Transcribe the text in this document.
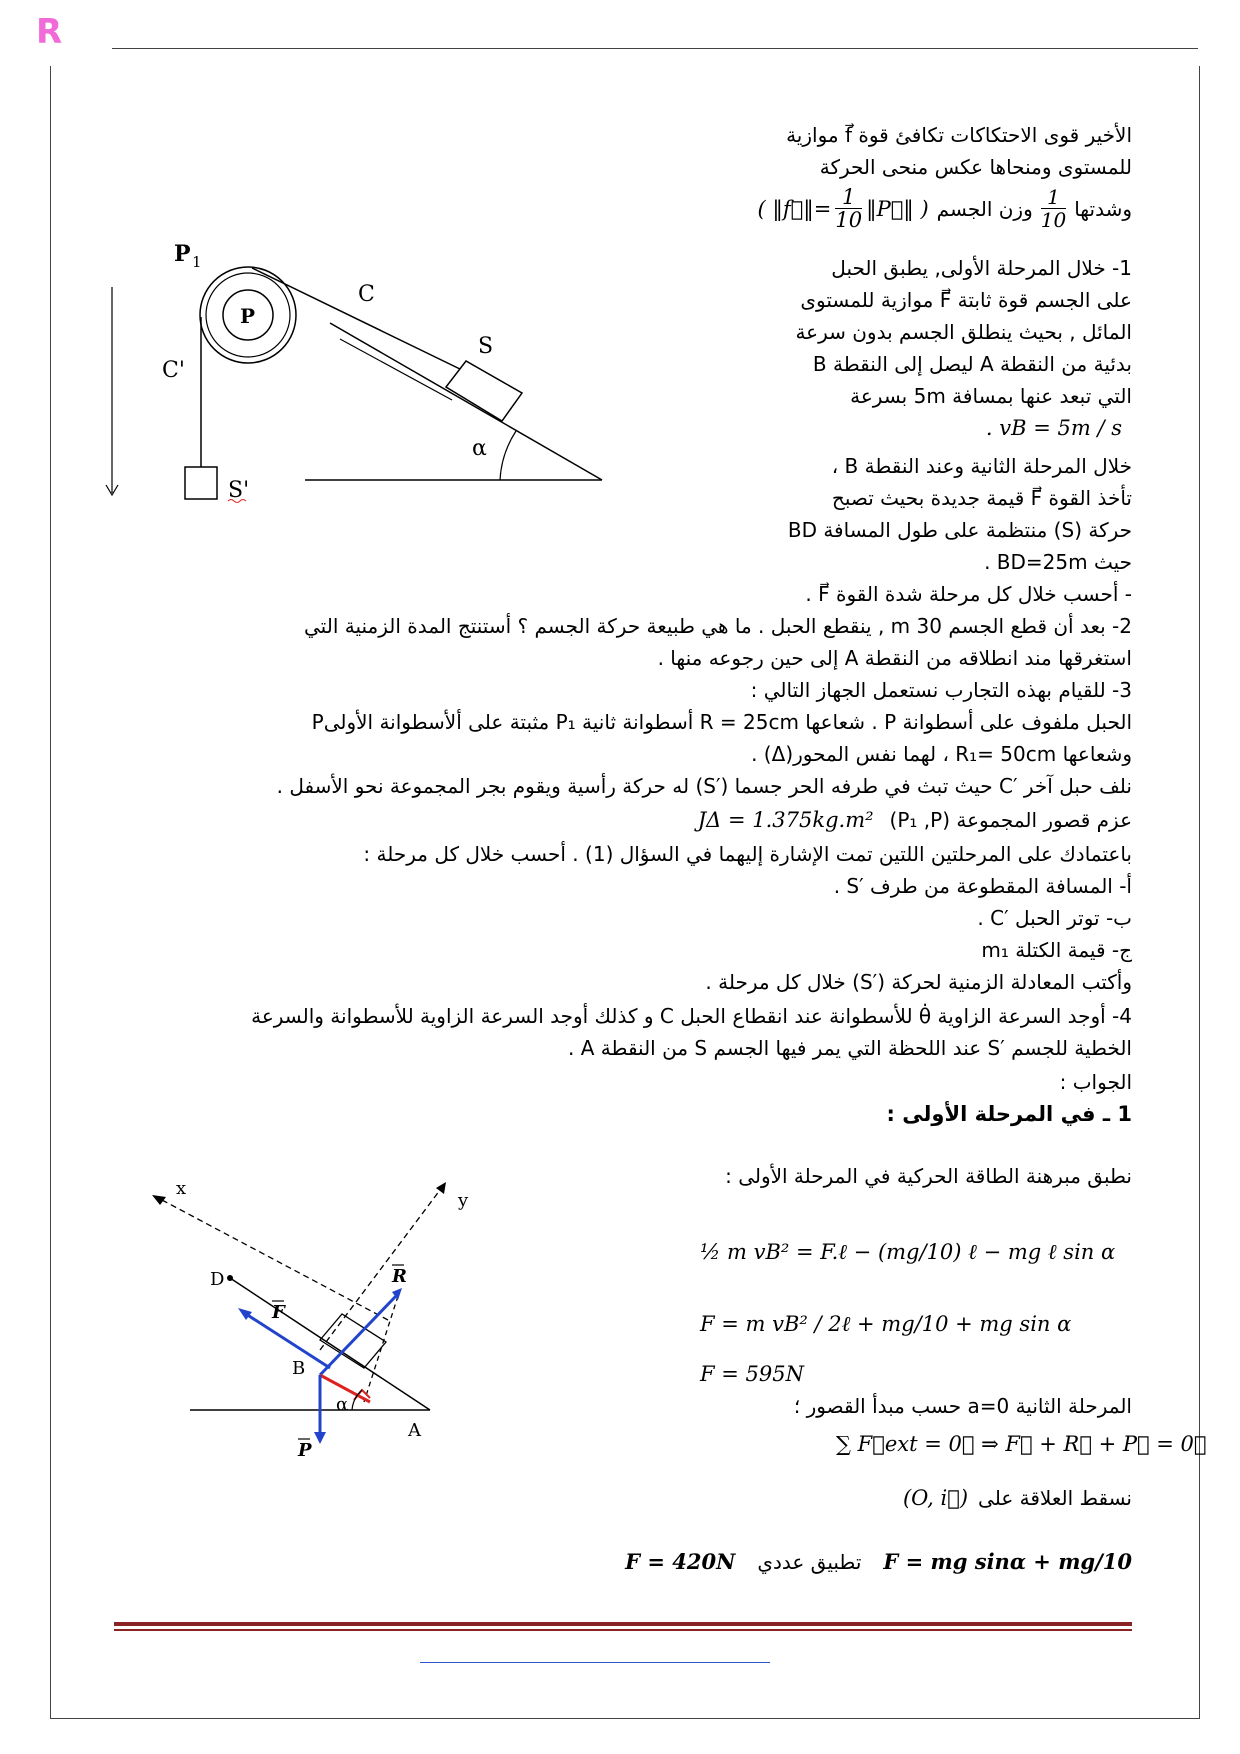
R
P 1
P
C'
S'
C
S
α
x
y
D
F
R
P
α
B
A
الأخير قوى الاحتكاكات تكافئ قوة f⃗ موازية
للمستوى ومنحاها عكس منحى الحركة
وشدتها
$\frac{1}{10}$
وزن الجسم
( ‖f⃗‖= $\frac{1}{10}$ ‖P⃗‖ )
1- خلال المرحلة الأولى, يطبق الحبل
على الجسم قوة ثابتة F⃗ موازية للمستوى
المائل , بحيث ينطلق الجسم بدون سرعة
بدئية من النقطة A ليصل إلى النقطة B
التي تبعد عنها بمسافة 5m بسرعة
. vB = 5m / s
خلال المرحلة الثانية وعند النقطة B ،
تأخذ القوة F⃗ قيمة جديدة بحيث تصبح
حركة (S) منتظمة على طول المسافة BD
حيث BD=25m .
- أحسب خلال كل مرحلة شدة القوة F⃗ .
2- بعد أن قطع الجسم 30 m , ينقطع الحبل . ما هي طبيعة حركة الجسم ؟ أستنتج المدة الزمنية التي
استغرقها مند انطلاقه من النقطة A إلى حين رجوعه منها .
3- للقيام بهذه التجارب نستعمل الجهاز التالي :
الحبل ملفوف على أسطوانة P . شعاعها R = 25cm أسطوانة ثانية P₁ مثبتة على ألأسطوانة الأولىP
وشعاعها R₁= 50cm ، لهما نفس المحور(Δ) .
نلف حبل آخر ′C حيث تبث في طرفه الحر جسما (′S) له حركة رأسية ويقوم بجر المجموعة نحو الأسفل .
عزم قصور المجموعة (P₁ ,P)
JΔ = 1.375kg.m²
باعتمادك على المرحلتين اللتين تمت الإشارة إليهما في السؤال (1) . أحسب خلال كل مرحلة :
أ- المسافة المقطوعة من طرف ′S .
ب- توتر الحبل ′C .
ج- قيمة الكتلة m₁
وأكتب المعادلة الزمنية لحركة (′S) خلال كل مرحلة .
4- أوجد السرعة الزاوية θ̇ للأسطوانة عند انقطاع الحبل C و كذلك أوجد السرعة الزاوية للأسطوانة والسرعة
الخطية للجسم ′S عند اللحظة التي يمر فيها الجسم S من النقطة A .
الجواب :
1 ـ في المرحلة الأولى :
نطبق مبرهنة الطاقة الحركية في المرحلة الأولى :
½ m vB² = F.ℓ − (mg/10) ℓ − mg ℓ sin α
F = m vB² / 2ℓ + mg/10 + mg sin α
F = 595N
المرحلة الثانية a=0 حسب مبدأ القصور ؛
∑ F⃗ext = 0⃗ ⇒ F⃗ + R⃗ + P⃗ = 0⃗
نسقط العلاقة على
(O, i⃗)
F = 420N تطبيق عددي F = mg sinα + mg/10
